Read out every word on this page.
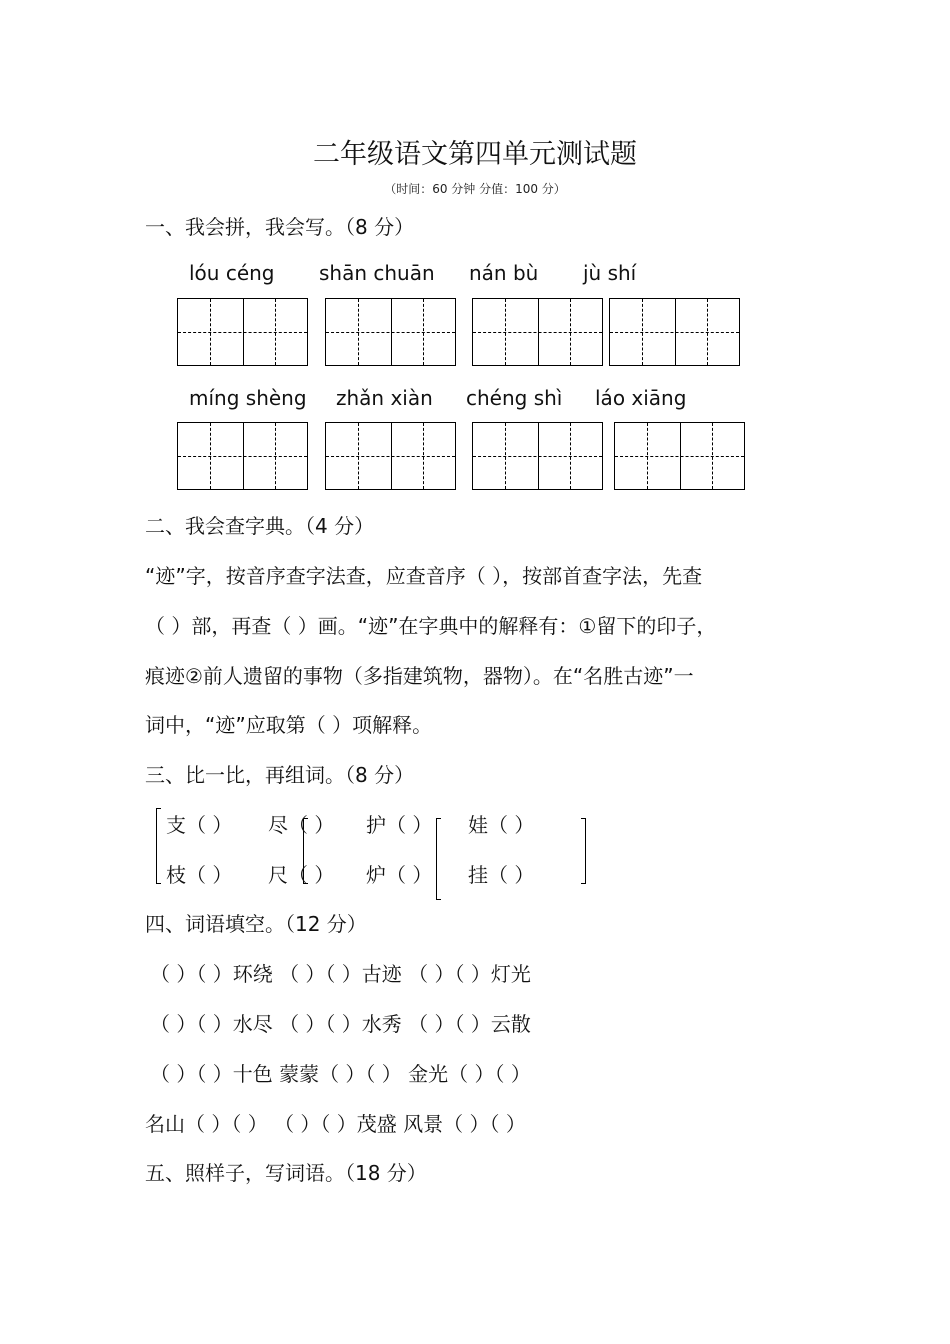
二年级语文第四单元测试题
（时间：60 分钟 分值：100 分）
一、我会拼，我会写。（8 分）
lóu céng shān chuān nán bù jù shí
míng shèng zhǎn xiàn chéng shì láo xiāng
二、我会查字典。（4 分）
“迹”字，按音序查字法查，应查音序（ ），按部首查字法，先查
（ ）部，再查（ ）画。“迹”在字典中的解释有：①留下的印子，
痕迹②前人遗留的事物（多指建筑物，器物）。在“名胜古迹”一
词中，“迹”应取第（ ）项解释。
三、比一比，再组词。（8 分）
支（ ） 尽（ ） 护（ ） 娃（ ）
枝（ ） 尺（ ） 炉（ ） 挂（ ）
四、词语填空。（12 分）
（ ）（ ）环绕 （ ）（ ）古迹 （ ）（ ）灯光
（ ）（ ）水尽 （ ）（ ）水秀 （ ）（ ）云散
（ ）（ ）十色 蒙蒙（ ）（ ） 金光（ ）（ ）
名山（ ）（ ） （ ）（ ）茂盛 风景（ ）（ ）
五、照样子，写词语。（18 分）
